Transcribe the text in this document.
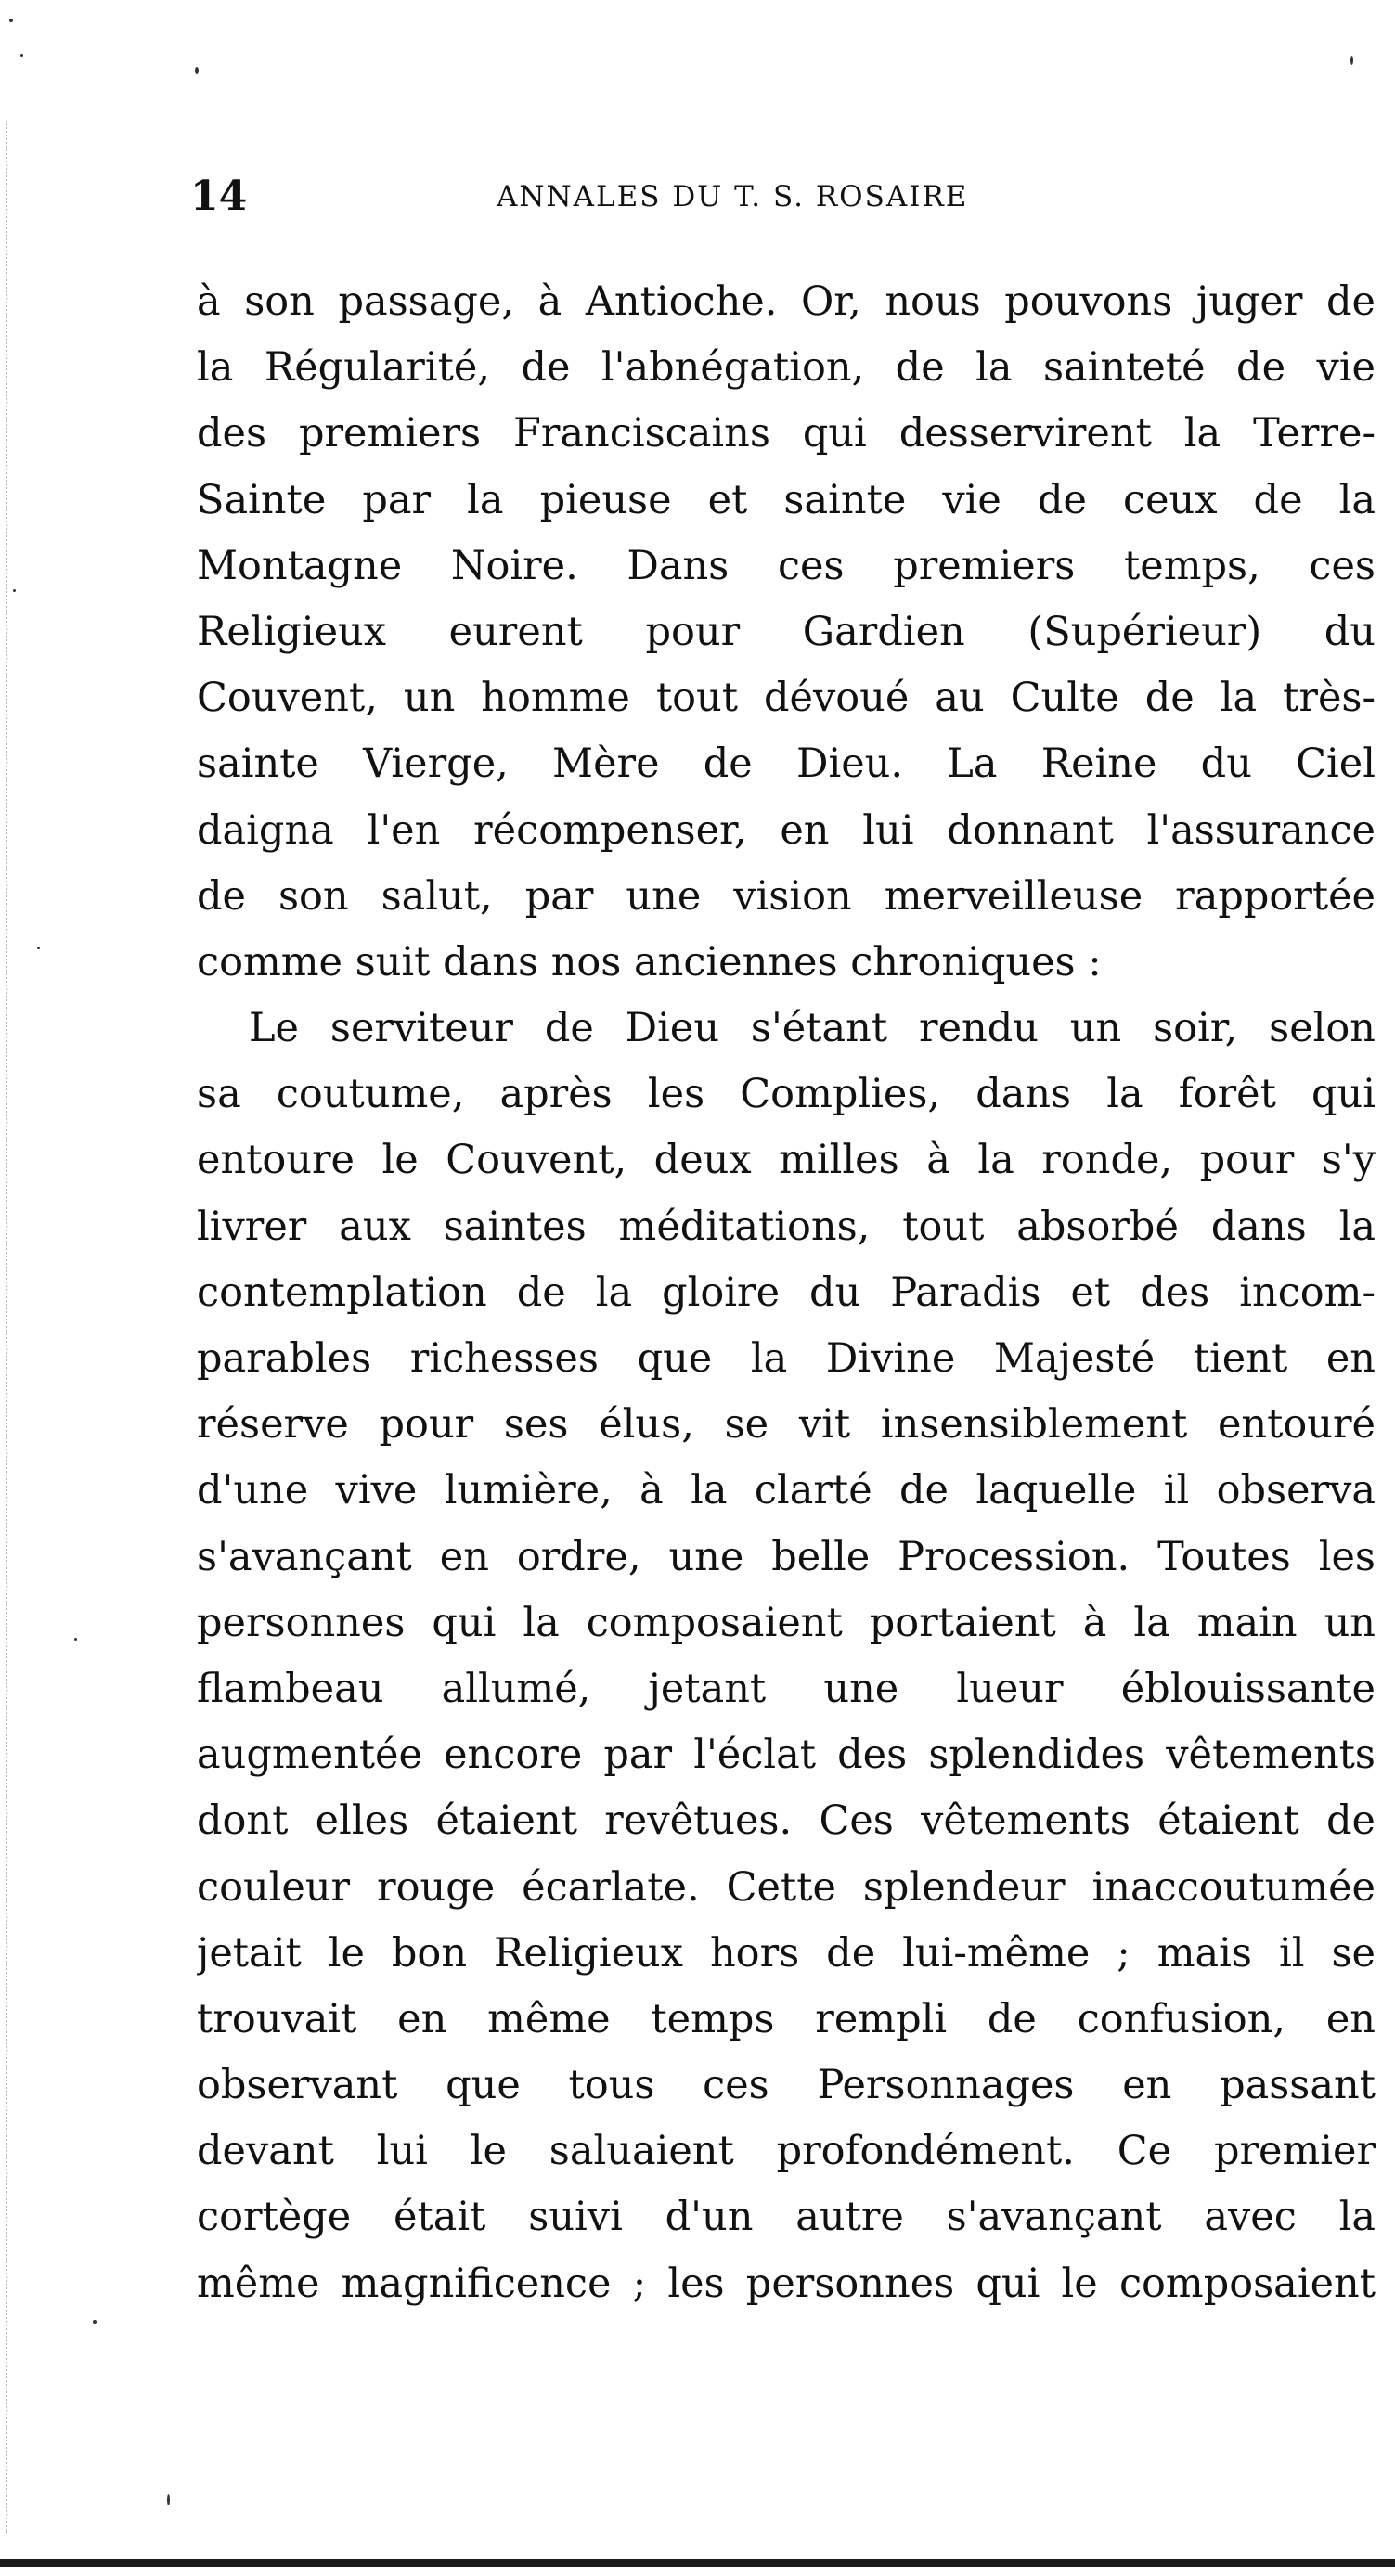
14	ANNALES DU T. S. ROSAIRE
à son passage, à Antioche. Or, nous pouvons juger de
la Régularité, de l'abnégation, de la sainteté de vie
des premiers Franciscains qui desservirent la Terre-
Sainte par la pieuse et sainte vie de ceux de la
Montagne Noire. Dans ces premiers temps, ces
Religieux eurent pour Gardien (Supérieur) du
Couvent, un homme tout dévoué au Culte de la très-
sainte Vierge, Mère de Dieu. La Reine du Ciel
daigna l'en récompenser, en lui donnant l'assurance
de son salut, par une vision merveilleuse rapportée
comme suit dans nos anciennes chroniques :
Le serviteur de Dieu s'étant rendu un soir, selon
sa coutume, après les Complies, dans la forêt qui
entoure le Couvent, deux milles à la ronde, pour s'y
livrer aux saintes méditations, tout absorbé dans la
contemplation de la gloire du Paradis et des incom-
parables richesses que la Divine Majesté tient en
réserve pour ses élus, se vit insensiblement entouré
d'une vive lumière, à la clarté de laquelle il observa
s'avançant en ordre, une belle Procession. Toutes les
personnes qui la composaient portaient à la main un
flambeau allumé, jetant une lueur éblouissante
augmentée encore par l'éclat des splendides vêtements
dont elles étaient revêtues. Ces vêtements étaient de
couleur rouge écarlate. Cette splendeur inaccoutumée
jetait le bon Religieux hors de lui-même ; mais il se
trouvait en même temps rempli de confusion, en
observant que tous ces Personnages en passant
devant lui le saluaient profondément. Ce premier
cortège était suivi d'un autre s'avançant avec la
même magnificence ; les personnes qui le composaient
